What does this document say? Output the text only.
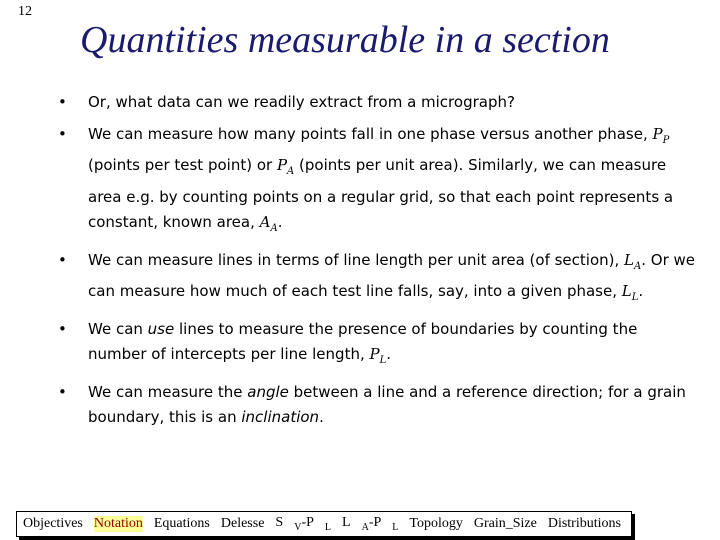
12
Quantities measurable in a section
• Or, what data can we readily extract from a micrograph?
• We can measure how many points fall in one phase versus another phase, $P_P$ (points per test point) or $P_A$ (points per unit area). Similarly, we can measure area e.g. by counting points on a regular grid, so that each point represents a constant, known area, $A_A$.
• We can measure lines in terms of line length per unit area (of section), $L_A$. Or we can measure how much of each test line falls, say, into a given phase, $L_L$.
• We can use lines to measure the presence of boundaries by counting the number of intercepts per line length, $P_L$.
• We can measure the angle between a line and a reference direction; for a grain boundary, this is an inclination.
Objectives Notation Equations Delesse S $_V$-P $_L$ L $_A$-P $_L$ Topology Grain_Size Distributions
